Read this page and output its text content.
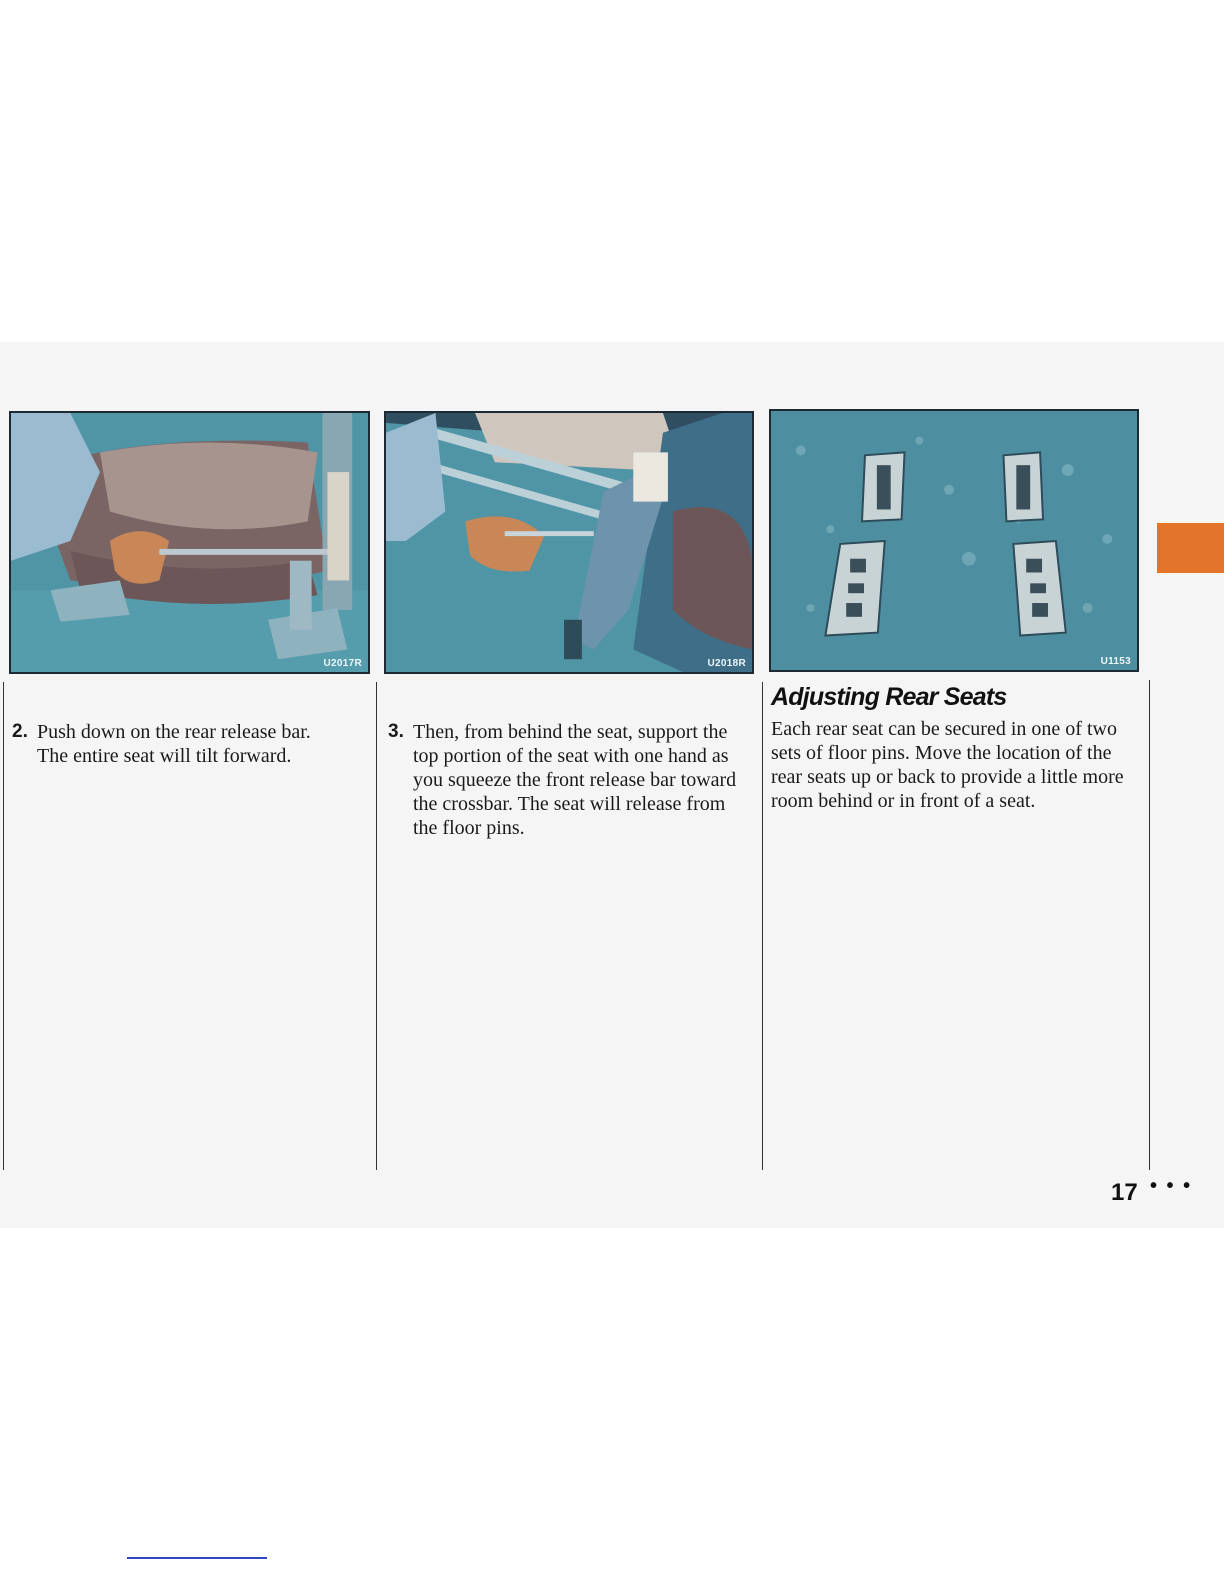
U2017R	U2018R	U1153
2. Push down on the rear release bar. The entire seat will tilt forward.
3. Then, from behind the seat, support the top portion of the seat with one hand as you squeeze the front release bar toward the crossbar. The seat will release from the floor pins.
Adjusting Rear Seats

Each rear seat can be secured in one of two sets of floor pins. Move the location of the rear seats up or back to provide a little more room behind or in front of a seat.

17 • • •
